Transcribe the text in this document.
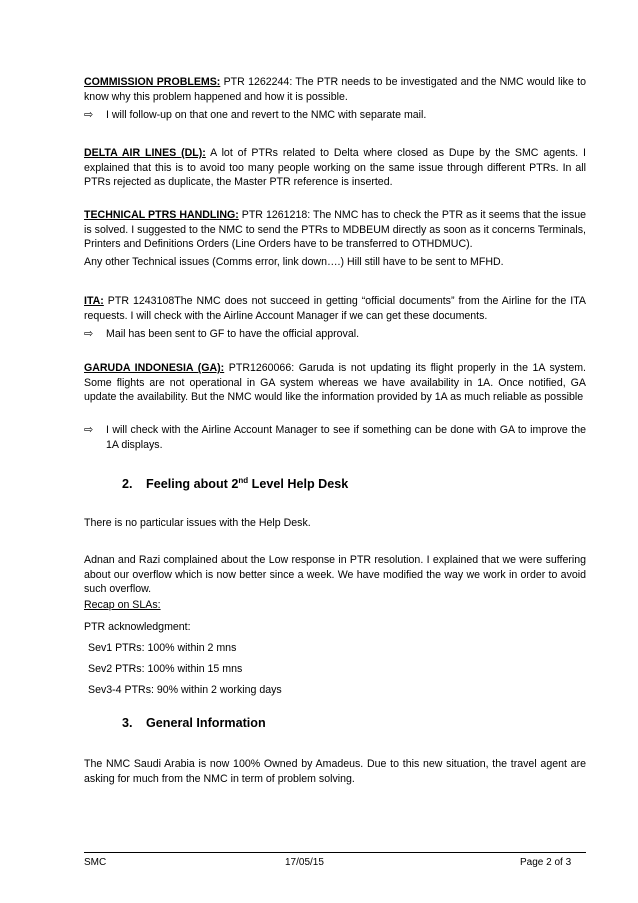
COMMISSION PROBLEMS: PTR 1262244: The PTR needs to be investigated and the NMC would like to know why this problem happened and how it is possible.

⇨	I will follow-up on that one and revert to the NMC with separate mail.

DELTA AIR LINES (DL): A lot of PTRs related to Delta where closed as Dupe by the SMC agents. I explained that this is to avoid too many people working on the same issue through different PTRs. In all PTRs rejected as duplicate, the Master PTR reference is inserted.

TECHNICAL PTRS HANDLING: PTR 1261218: The NMC has to check the PTR as it seems that the issue is solved. I suggested to the NMC to send the PTRs to MDBEUM directly as soon as it concerns Terminals, Printers and Definitions Orders (Line Orders have to be transferred to OTHDMUC).

Any other Technical issues (Comms error, link down….) Hill still have to be sent to MFHD.

ITA: PTR 1243108The NMC does not succeed in getting “official documents” from the Airline for the ITA requests. I will check with the Airline Account Manager if we can get these documents.

⇨	Mail has been sent to GF to have the official approval.

GARUDA INDONESIA (GA): PTR1260066: Garuda is not updating its flight properly in the 1A system. Some flights are not operational in GA system whereas we have availability in 1A. Once notified, GA update the availability. But the NMC would like the information provided by 1A as much reliable as possible

⇨	I will check with the Airline Account Manager to see if something can be done with GA to improve the 1A displays.

2. Feeling about 2nd Level Help Desk

There is no particular issues with the Help Desk.

Adnan and Razi complained about the Low response in PTR resolution. I explained that we were suffering about our overflow which is now better since a week. We have modified the way we work in order to avoid such overflow.

Recap on SLAs:

PTR acknowledgment:

Sev1 PTRs: 100% within 2 mns

Sev2 PTRs: 100% within 15 mns

Sev3-4 PTRs: 90% within 2 working days

3. General Information

The NMC Saudi Arabia is now 100% Owned by Amadeus. Due to this new situation, the travel agent are asking for much from the NMC in term of problem solving.

SMC	17/05/15	Page 2 of 3
